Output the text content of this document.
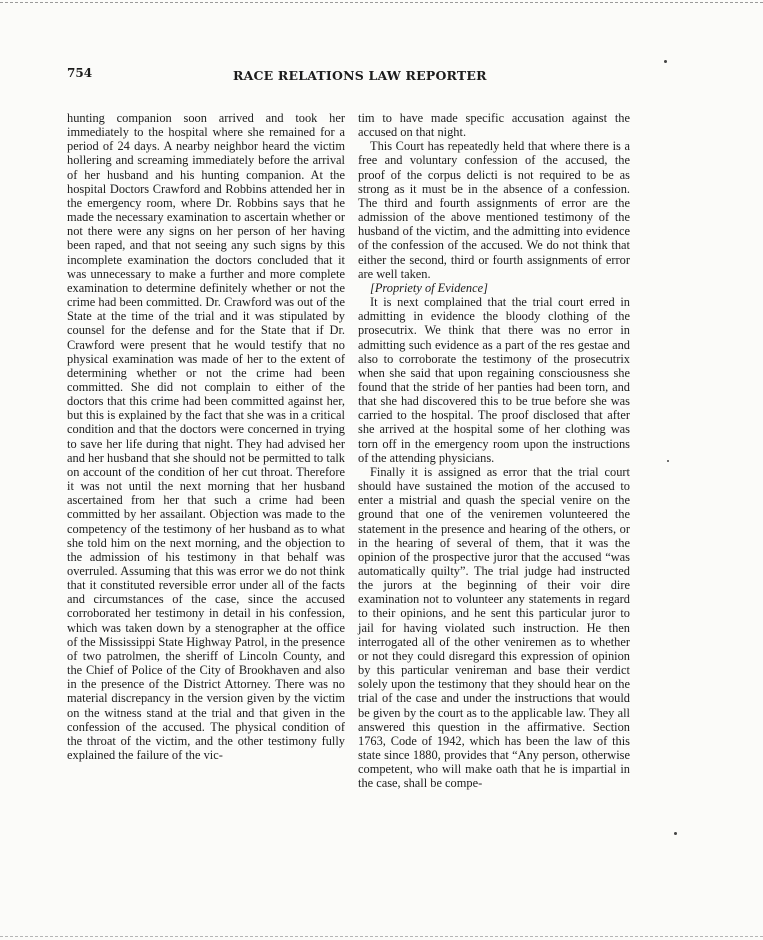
754	RACE RELATIONS LAW REPORTER

hunting companion soon arrived and took her immediately to the hospital where she remained for a period of 24 days. A nearby neighbor heard the victim hollering and screaming immediately before the arrival of her husband and his hunting companion. At the hospital Doctors Crawford and Robbins attended her in the emergency room, where Dr. Robbins says that he made the necessary examination to ascertain whether or not there were any signs on her person of her having been raped, and that not seeing any such signs by this incomplete examination the doctors concluded that it was unnecessary to make a further and more complete examination to determine definitely whether or not the crime had been committed. Dr. Crawford was out of the State at the time of the trial and it was stipulated by counsel for the defense and for the State that if Dr. Crawford were present that he would testify that no physical examination was made of her to the extent of determining whether or not the crime had been committed. She did not complain to either of the doctors that this crime had been committed against her, but this is explained by the fact that she was in a critical condition and that the doctors were concerned in trying to save her life during that night. They had advised her and her husband that she should not be permitted to talk on account of the condition of her cut throat. Therefore it was not until the next morning that her husband ascertained from her that such a crime had been committed by her assailant. Objection was made to the competency of the testimony of her husband as to what she told him on the next morning, and the objection to the admission of his testimony in that behalf was overruled. Assuming that this was error we do not think that it constituted reversible error under all of the facts and circumstances of the case, since the accused corroborated her testimony in detail in his confession, which was taken down by a stenographer at the office of the Mississippi State Highway Patrol, in the presence of two patrolmen, the sheriff of Lincoln County, and the Chief of Police of the City of Brookhaven and also in the presence of the District Attorney. There was no material discrepancy in the version given by the victim on the witness stand at the trial and that given in the confession of the accused. The physical condition of the throat of the victim, and the other testimony fully explained the failure of the vic-

tim to have made specific accusation against the accused on that night.

This Court has repeatedly held that where there is a free and voluntary confession of the accused, the proof of the corpus delicti is not required to be as strong as it must be in the absence of a confession. The third and fourth assignments of error are the admission of the above mentioned testimony of the husband of the victim, and the admitting into evidence of the confession of the accused. We do not think that either the second, third or fourth assignments of error are well taken.

[Propriety of Evidence]

It is next complained that the trial court erred in admitting in evidence the bloody clothing of the prosecutrix. We think that there was no error in admitting such evidence as a part of the res gestae and also to corroborate the testimony of the prosecutrix when she said that upon regaining consciousness she found that the stride of her panties had been torn, and that she had discovered this to be true before she was carried to the hospital. The proof disclosed that after she arrived at the hospital some of her clothing was torn off in the emergency room upon the instructions of the attending physicians.

Finally it is assigned as error that the trial court should have sustained the motion of the accused to enter a mistrial and quash the special venire on the ground that one of the veniremen volunteered the statement in the presence and hearing of the others, or in the hearing of several of them, that it was the opinion of the prospective juror that the accused “was automatically quilty”. The trial judge had instructed the jurors at the beginning of their voir dire examination not to volunteer any statements in regard to their opinions, and he sent this particular juror to jail for having violated such instruction. He then interrogated all of the other veniremen as to whether or not they could disregard this expression of opinion by this particular venireman and base their verdict solely upon the testimony that they should hear on the trial of the case and under the instructions that would be given by the court as to the applicable law. They all answered this question in the affirmative. Section 1763, Code of 1942, which has been the law of this state since 1880, provides that “Any person, otherwise competent, who will make oath that he is impartial in the case, shall be compe-
